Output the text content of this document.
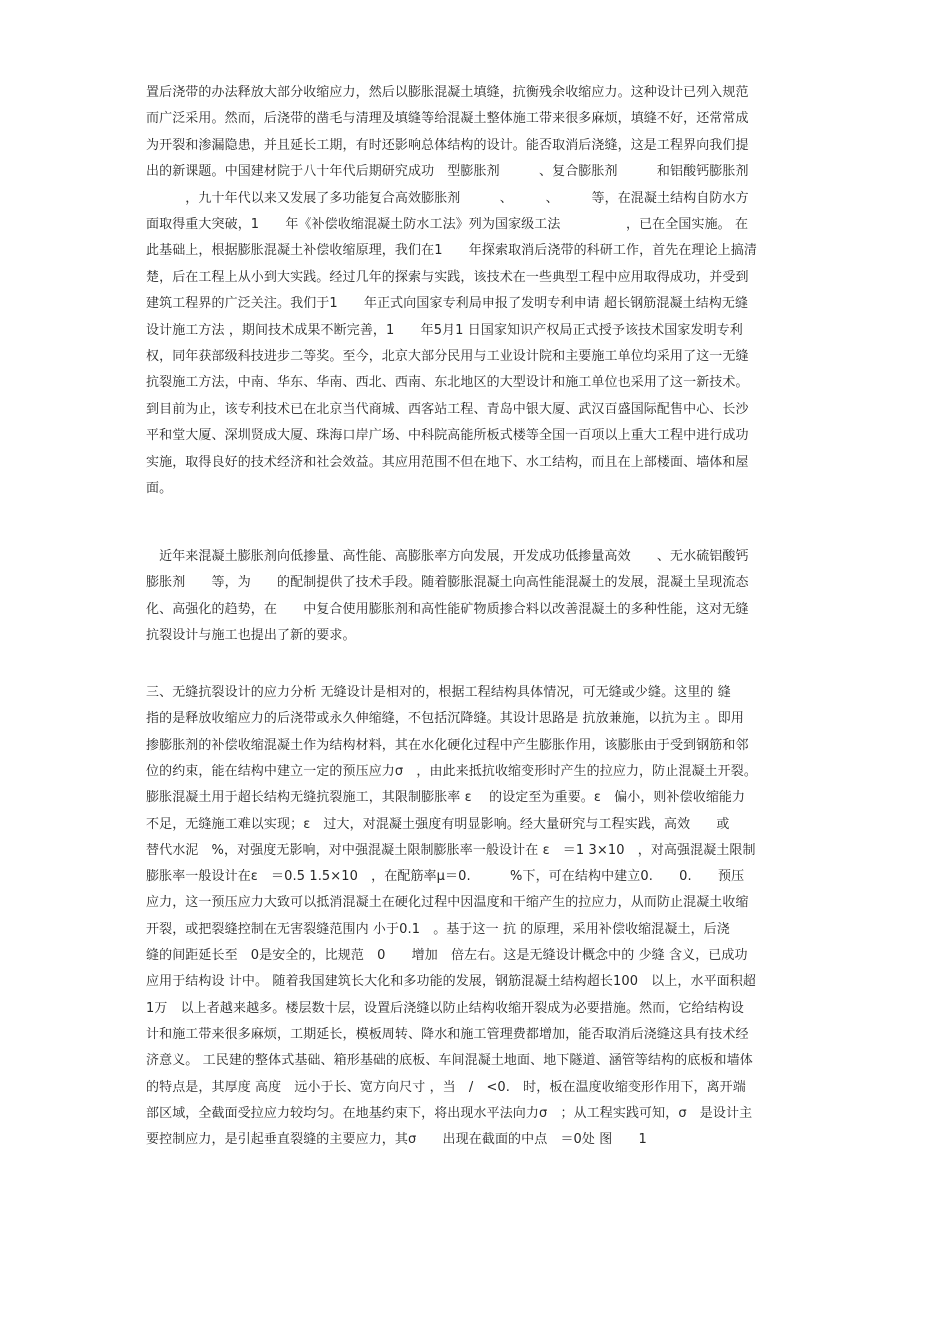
置后浇带的办法释放大部分收缩应力，然后以膨胀混凝土填缝，抗衡残余收缩应力。这种设计已列入规范
而广泛采用。然而，后浇带的凿毛与清理及填缝等给混凝土整体施工带来很多麻烦，填缝不好，还常常成
为开裂和渗漏隐患，并且延长工期，有时还影响总体结构的设计。能否取消后浇缝，这是工程界向我们提
出的新课题。中国建材院于八十年代后期研究成功　型膨胀剂　　　、复合膨胀剂　　　和铝酸钙膨胀剂
　　　，九十年代以来又发展了多功能复合高效膨胀剂　　　、　　　、　　　等，在混凝土结构自防水方
面取得重大突破，1　　年《补偿收缩混凝土防水工法》列为国家级工法　　　　　，已在全国实施。 在
此基础上，根据膨胀混凝土补偿收缩原理，我们在1　　年探索取消后浇带的科研工作，首先在理论上搞清
楚，后在工程上从小到大实践。经过几年的探索与实践，该技术在一些典型工程中应用取得成功，并受到
建筑工程界的广泛关注。我们于1　　年正式向国家专利局申报了发明专利申请 超长钢筋混凝土结构无缝
设计施工方法 ，期间技术成果不断完善，1　　年5月1 日国家知识产权局正式授予该技术国家发明专利
权，同年获部级科技进步二等奖。至今，北京大部分民用与工业设计院和主要施工单位均采用了这一无缝
抗裂施工方法，中南、华东、华南、西北、西南、东北地区的大型设计和施工单位也采用了这一新技术。
到目前为止，该专利技术已在北京当代商城、西客站工程、青岛中银大厦、武汉百盛国际配售中心、长沙
平和堂大厦、深圳贤成大厦、珠海口岸广场、中科院高能所板式楼等全国一百项以上重大工程中进行成功
实施，取得良好的技术经济和社会效益。其应用范围不但在地下、水工结构，而且在上部楼面、墙体和屋
面。
　近年来混凝土膨胀剂向低掺量、高性能、高膨胀率方向发展，开发成功低掺量高效　　、无水硫铝酸钙
膨胀剂　　等，为　　的配制提供了技术手段。随着膨胀混凝土向高性能混凝土的发展，混凝土呈现流态
化、高强化的趋势，在　　中复合使用膨胀剂和高性能矿物质掺合料以改善混凝土的多种性能，这对无缝
抗裂设计与施工也提出了新的要求。
三、无缝抗裂设计的应力分析 无缝设计是相对的，根据工程结构具体情况，可无缝或少缝。这里的 缝
指的是释放收缩应力的后浇带或永久伸缩缝，不包括沉降缝。其设计思路是 抗放兼施，以抗为主 。即用
掺膨胀剂的补偿收缩混凝土作为结构材料，其在水化硬化过程中产生膨胀作用，该膨胀由于受到钢筋和邻
位的约束，能在结构中建立一定的预压应力σ　，由此来抵抗收缩变形时产生的拉应力，防止混凝土开裂。
膨胀混凝土用于超长结构无缝抗裂施工，其限制膨胀率 ε　 的设定至为重要。ε　偏小，则补偿收缩能力
不足，无缝施工难以实现；ε　过大，对混凝土强度有明显影响。经大量研究与工程实践，高效　　或
替代水泥　%，对强度无影响，对中强混凝土限制膨胀率一般设计在 ε　＝1 3×10　，对高强混凝土限制
膨胀率一般设计在ε　＝0.5 1.5×10　，在配筋率μ＝0.　　　%下，可在结构中建立0.　　0.　　预压
应力，这一预压应力大致可以抵消混凝土在硬化过程中因温度和干缩产生的拉应力，从而防止混凝土收缩
开裂，或把裂缝控制在无害裂缝范围内 小于0.1　。基于这一 抗 的原理，采用补偿收缩混凝土，后浇
缝的间距延长至　0是安全的，比规范　0　　增加　倍左右。这是无缝设计概念中的 少缝 含义，已成功
应用于结构设 计中。 随着我国建筑长大化和多功能的发展，钢筋混凝土结构超长100　以上，水平面积超
1万　以上者越来越多。楼层数十层，设置后浇缝以防止结构收缩开裂成为必要措施。然而，它给结构设
计和施工带来很多麻烦，工期延长，模板周转、降水和施工管理费都增加，能否取消后浇缝这具有技术经
济意义。 工民建的整体式基础、箱形基础的底板、车间混凝土地面、地下隧道、涵管等结构的底板和墙体
的特点是，其厚度 高度　远小于长、宽方向尺寸 ，当　/　<0.　时，板在温度收缩变形作用下，离开端
部区域，全截面受拉应力较均匀。在地基约束下，将出现水平法向力σ　；从工程实践可知，σ　是设计主
要控制应力，是引起垂直裂缝的主要应力，其σ　　出现在截面的中点　＝0处 图　　1
